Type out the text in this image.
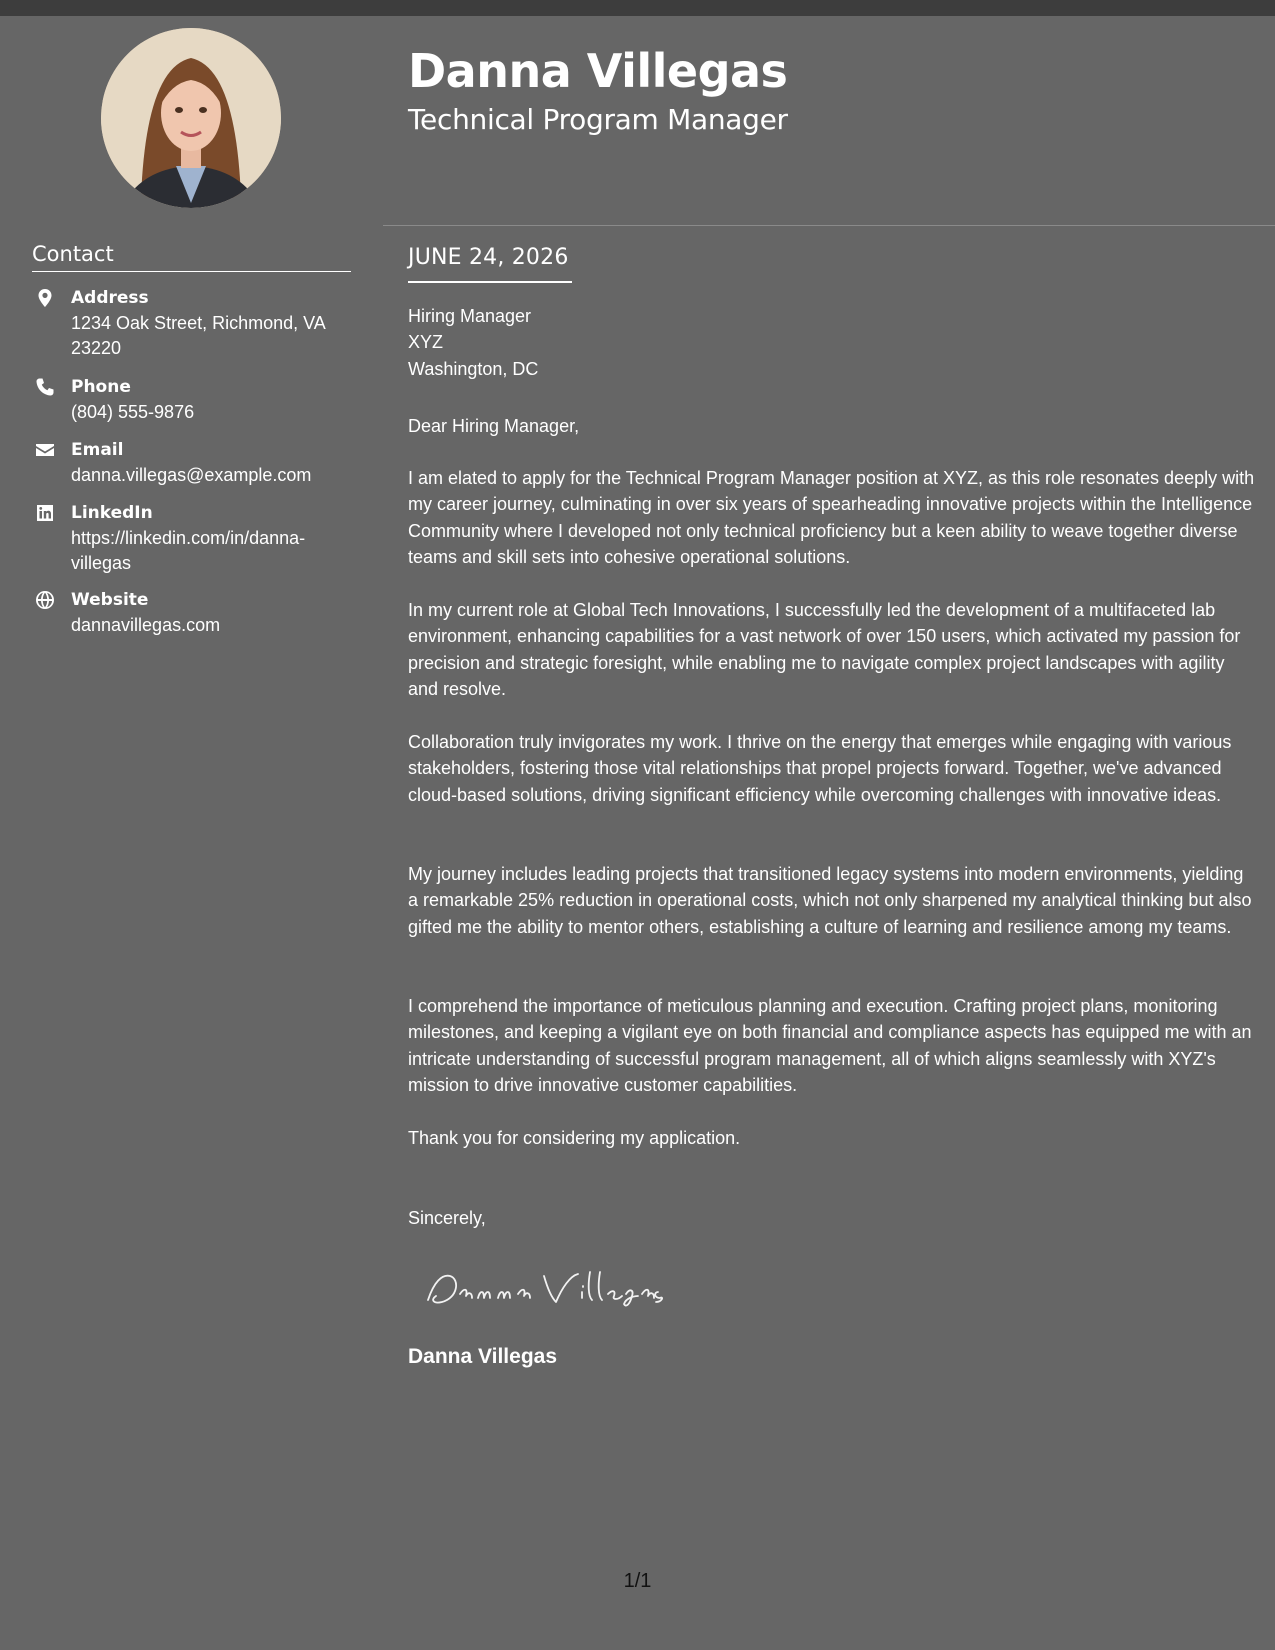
Danna Villegas
Technical Program Manager
Contact
Address
1234 Oak Street, Richmond, VA 23220
Phone
(804) 555-9876
Email
danna.villegas@example.com
LinkedIn
https://linkedin.com/in/danna-villegas
Website
dannavillegas.com
JUNE 24, 2026

Hiring Manager

XYZ

Washington, DC

Dear Hiring Manager,
I am elated to apply for the Technical Program Manager position at XYZ, as this role resonates deeply with my career journey, culminating in over six years of spearheading innovative projects within the Intelligence Community where I developed not only technical proficiency but a keen ability to weave together diverse teams and skill sets into cohesive operational solutions.
In my current role at Global Tech Innovations, I successfully led the development of a multifaceted lab environment, enhancing capabilities for a vast network of over 150 users, which activated my passion for precision and strategic foresight, while enabling me to navigate complex project landscapes with agility and resolve.
Collaboration truly invigorates my work. I thrive on the energy that emerges while engaging with various stakeholders, fostering those vital relationships that propel projects forward. Together, we've advanced cloud-based solutions, driving significant efficiency while overcoming challenges with innovative ideas.
My journey includes leading projects that transitioned legacy systems into modern environments, yielding a remarkable 25% reduction in operational costs, which not only sharpened my analytical thinking but also gifted me the ability to mentor others, establishing a culture of learning and resilience among my teams.
I comprehend the importance of meticulous planning and execution. Crafting project plans, monitoring milestones, and keeping a vigilant eye on both financial and compliance aspects has equipped me with an intricate understanding of successful program management, all of which aligns seamlessly with XYZ's mission to drive innovative customer capabilities.
Thank you for considering my application.
Sincerely,
Danna Villegas
1/1
